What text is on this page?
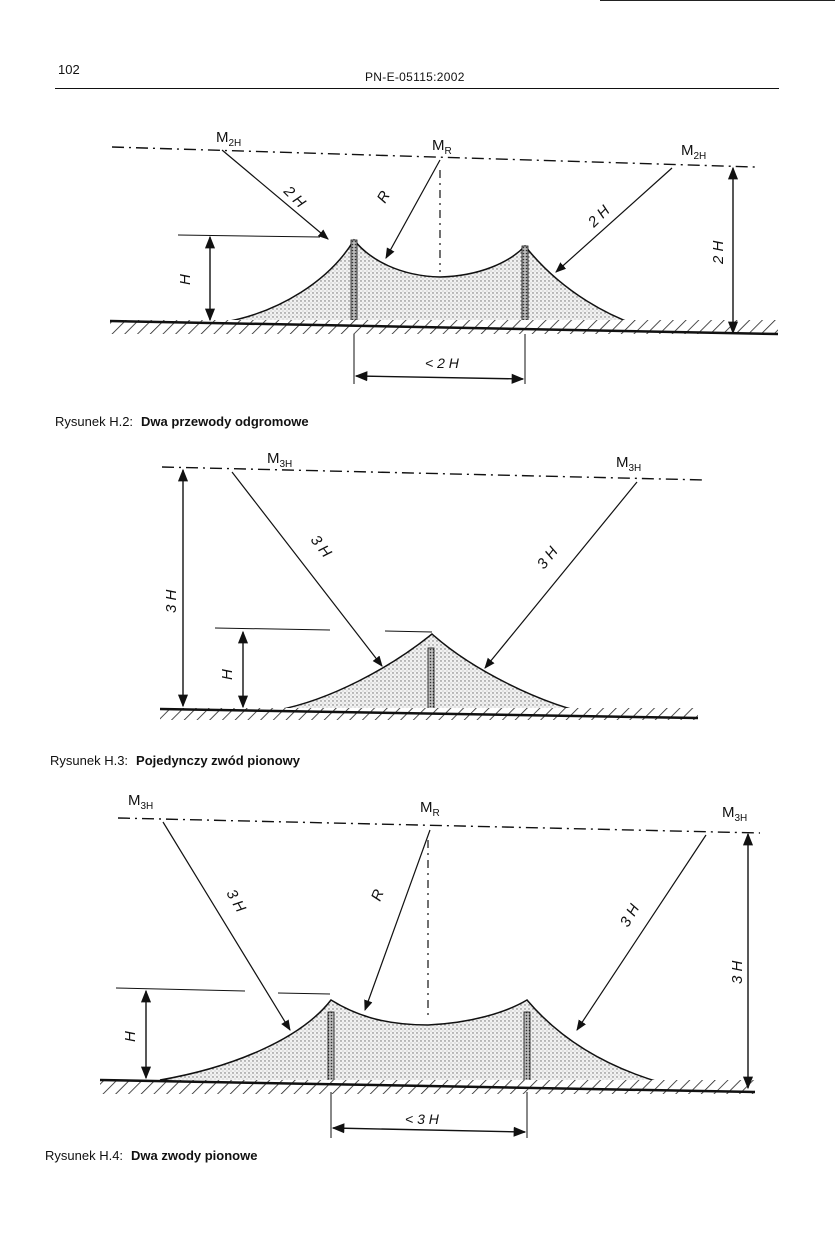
102	PN-E-05115:2002
$M_{2H}$	$M_R$	$M_{2H}$
2 H	R
2 H
H
2 H
< 2 H
Rysunek H.2: Dwa przewody odgromowe
$M_{3H}$	$M_{3H}$
3 H	3 H
H
3 H
Rysunek H.3: Pojedynczy zwód pionowy
$M_{3H}$	$M_R$	$M_{3H}$
3 H	R
3 H
H
3 H
< 3 H
Rysunek H.4: Dwa zwody pionowe
